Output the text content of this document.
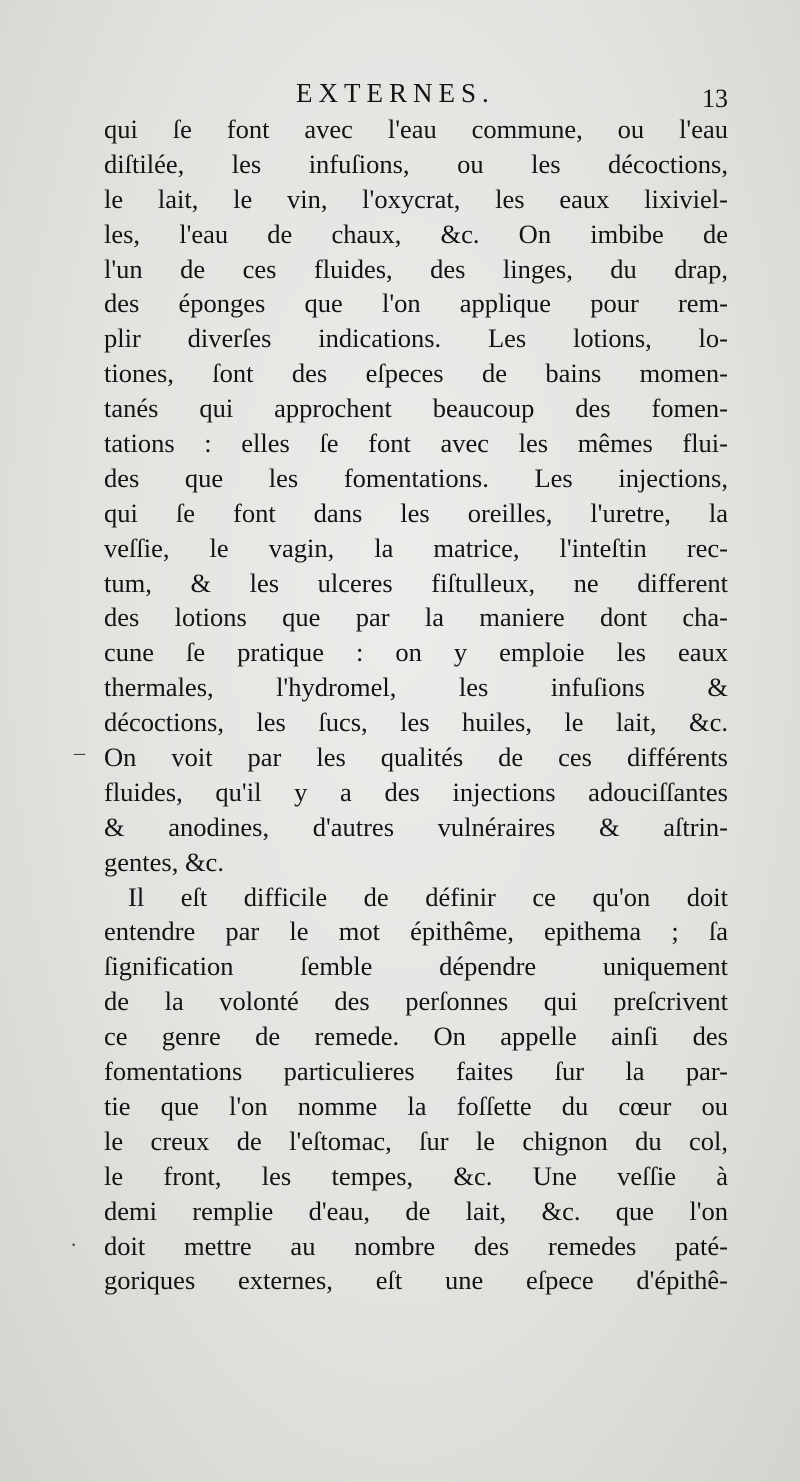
EXTERNES.	13
_
·
qui ſe font avec l'eau commune, ou l'eau
diſtilée, les infuſions, ou les décoctions,
le lait, le vin, l'oxycrat, les eaux lixiviel-
les, l'eau de chaux, &c. On imbibe de
l'un de ces fluides, des linges, du drap,
des éponges que l'on applique pour rem-
plir diverſes indications. Les lotions, lo-
tiones, ſont des eſpeces de bains momen-
tanés qui approchent beaucoup des fomen-
tations : elles ſe font avec les mêmes flui-
des que les fomentations. Les injections,
qui ſe font dans les oreilles, l'uretre, la
veſſie, le vagin, la matrice, l'inteſtin rec-
tum, & les ulceres fiſtulleux, ne different
des lotions que par la maniere dont cha-
cune ſe pratique : on y emploie les eaux
thermales, l'hydromel, les infuſions &
décoctions, les ſucs, les huiles, le lait, &c.
On voit par les qualités de ces différents
fluides, qu'il y a des injections adouciſſantes
& anodines, d'autres vulnéraires & aſtrin-
gentes, &c.
Il eſt difficile de définir ce qu'on doit
entendre par le mot épithême, epithema ; ſa
ſignification ſemble dépendre uniquement
de la volonté des perſonnes qui preſcrivent
ce genre de remede. On appelle ainſi des
fomentations particulieres faites ſur la par-
tie que l'on nomme la foſſette du cœur ou
le creux de l'eſtomac, ſur le chignon du col,
le front, les tempes, &c. Une veſſie à
demi remplie d'eau, de lait, &c. que l'on
doit mettre au nombre des remedes paté-
goriques externes, eſt une eſpece d'épithê-
